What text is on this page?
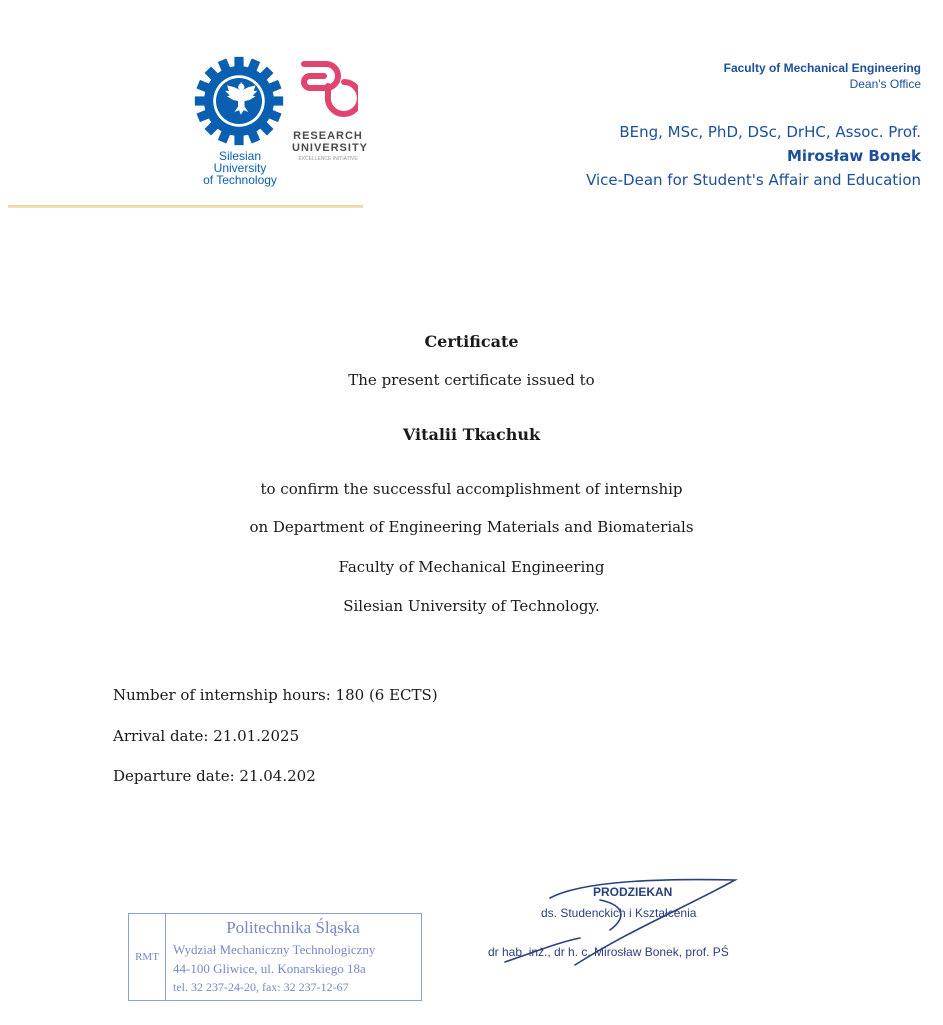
Silesian
University
of Technology
RESEARCH
UNIVERSITY
EXCELLENCE INITIATIVE
Faculty of Mechanical Engineering
Dean's Office
BEng, MSc, PhD, DSc, DrHC, Assoc. Prof.
Mirosław Bonek
Vice-Dean for Student's Affair and Education
Certificate
The present certificate issued to
Vitalii Tkachuk
to confirm the successful accomplishment of internship
on Department of Engineering Materials and Biomaterials
Faculty of Mechanical Engineering
Silesian University of Technology.
Number of internship hours: 180 (6 ECTS)
Arrival date: 21.01.2025
Departure date: 21.04.202
RMT
Politechnika Śląska
Wydział Mechaniczny Technologiczny
44-100 Gliwice, ul. Konarskiego 18a
tel. 32 237-24-20, fax: 32 237-12-67
PRODZIEKAN
ds. Studenckich i Kształcenia
dr hab. inż., dr h. c. Mirosław Bonek, prof. PŚ
